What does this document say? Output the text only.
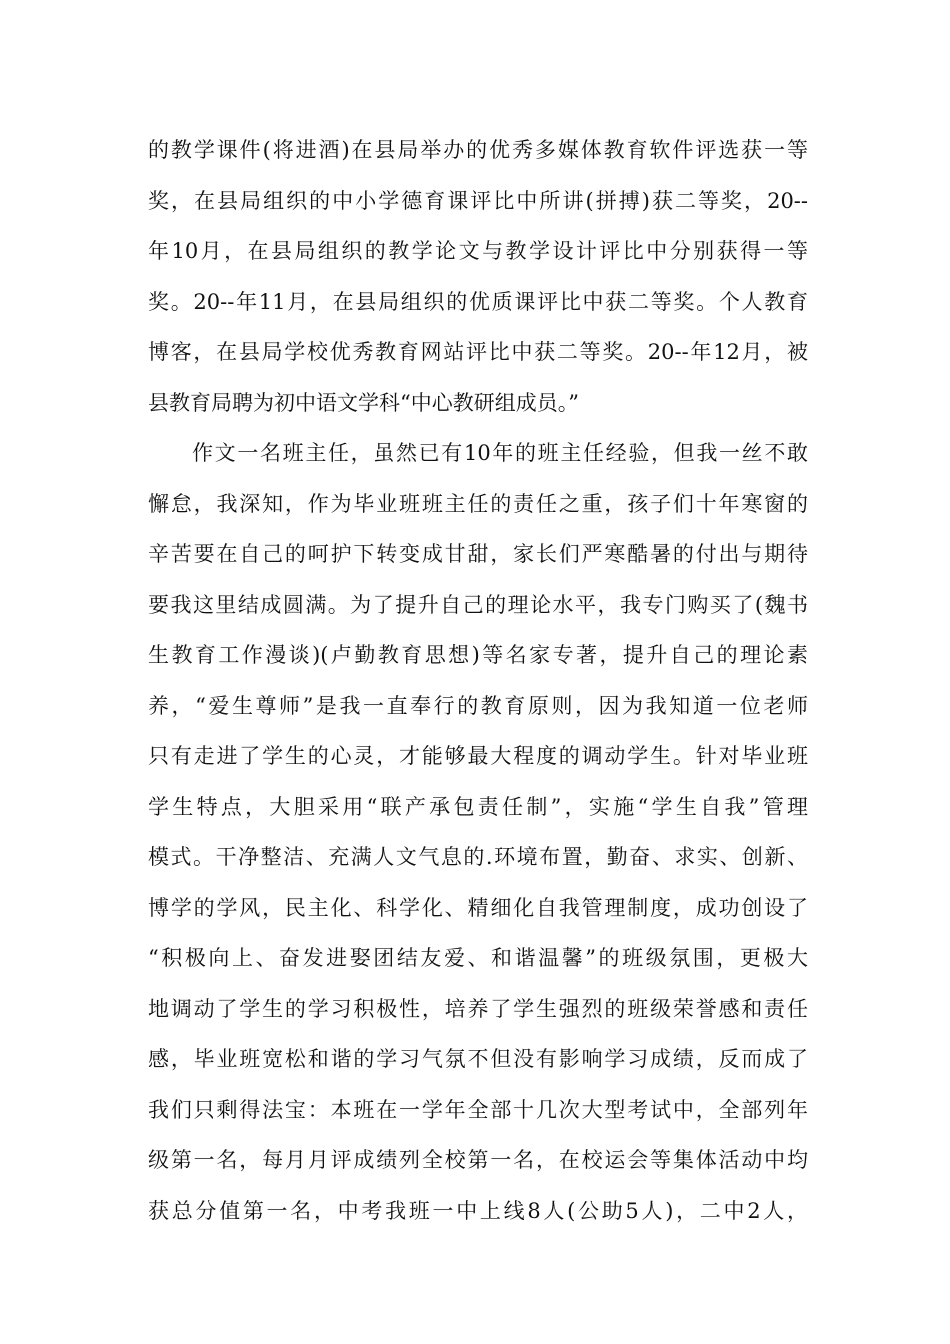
的教学课件(将进酒)在县局举办的优秀多媒体教育软件评选获一等
奖，在县局组织的中小学德育课评比中所讲(拼搏)获二等奖，20--
年10月，在县局组织的教学论文与教学设计评比中分别获得一等
奖。20--年11月，在县局组织的优质课评比中获二等奖。个人教育
博客，在县局学校优秀教育网站评比中获二等奖。20--年12月，被
县教育局聘为初中语文学科“中心教研组成员。”
作文一名班主任，虽然已有10年的班主任经验，但我一丝不敢
懈怠，我深知，作为毕业班班主任的责任之重，孩子们十年寒窗的
辛苦要在自己的呵护下转变成甘甜，家长们严寒酷暑的付出与期待
要我这里结成圆满。为了提升自己的理论水平，我专门购买了(魏书
生教育工作漫谈)(卢勤教育思想)等名家专著，提升自己的理论素
养，“爱生尊师”是我一直奉行的教育原则，因为我知道一位老师
只有走进了学生的心灵，才能够最大程度的调动学生。针对毕业班
学生特点，大胆采用“联产承包责任制”，实施“学生自我”管理
模式。干净整洁、充满人文气息的.环境布置，勤奋、求实、创新、
博学的学风，民主化、科学化、精细化自我管理制度，成功创设了
“积极向上、奋发进娶团结友爱、和谐温馨”的班级氛围，更极大
地调动了学生的学习积极性，培养了学生强烈的班级荣誉感和责任
感，毕业班宽松和谐的学习气氛不但没有影响学习成绩，反而成了
我们只剩得法宝：本班在一学年全部十几次大型考试中，全部列年
级第一名，每月月评成绩列全校第一名，在校运会等集体活动中均
获总分值第一名，中考我班一中上线8人(公助5人)，二中2人，
